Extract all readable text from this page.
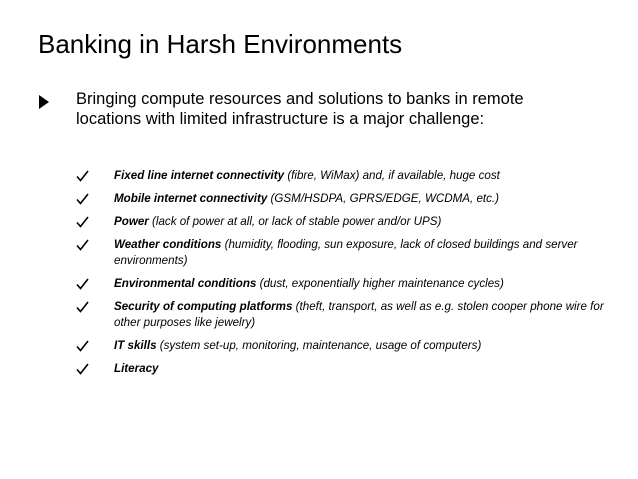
Banking in Harsh Environments
Bringing compute resources and solutions to banks in remote locations with limited infrastructure is a major challenge:
Fixed line internet connectivity (fibre, WiMax) and, if available, huge cost
Mobile internet connectivity (GSM/HSDPA, GPRS/EDGE, WCDMA, etc.)
Power (lack of power at all, or lack of stable power and/or UPS)
Weather conditions (humidity, flooding, sun exposure, lack of closed buildings and server environments)
Environmental conditions (dust, exponentially higher maintenance cycles)
Security of computing platforms (theft, transport, as well as e.g. stolen cooper phone wire for other purposes like jewelry)
IT skills (system set-up, monitoring, maintenance, usage of computers)
Literacy
